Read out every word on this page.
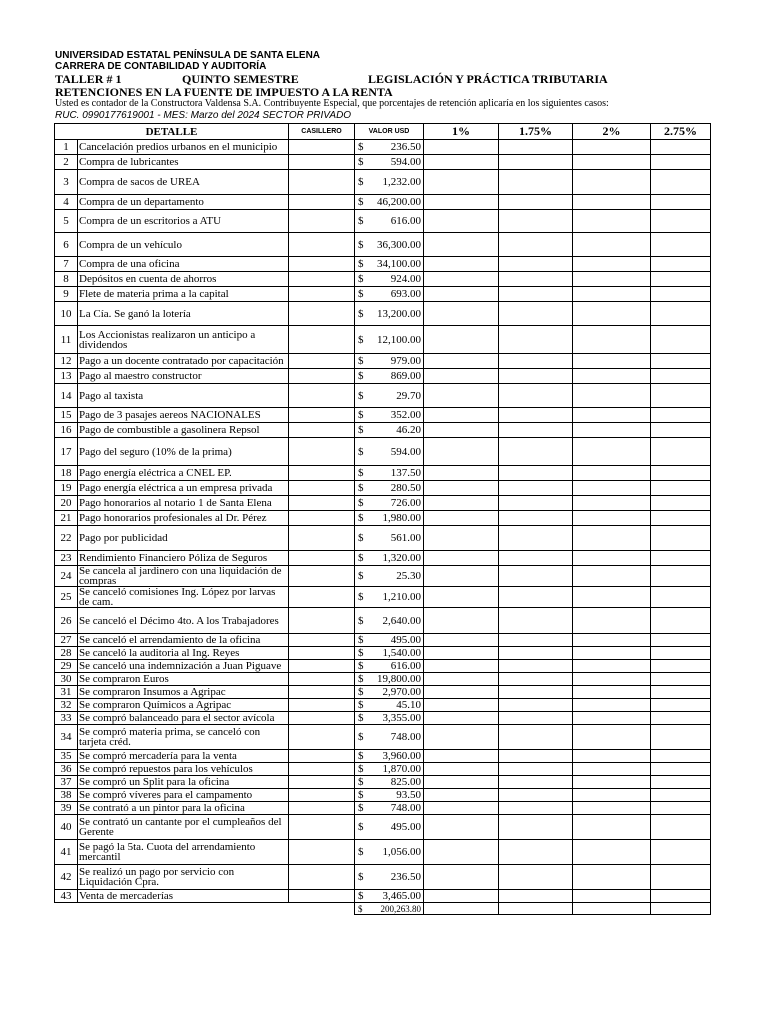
UNIVERSIDAD ESTATAL PENÍNSULA DE SANTA ELENA
CARRERA DE CONTABILIDAD Y AUDITORÍA
TALLER # 1	QUINTO SEMESTRE	LEGISLACIÓN Y PRÁCTICA TRIBUTARIA
RETENCIONES EN LA FUENTE DE IMPUESTO A LA RENTA
Usted es contador de la Constructora Valdensa S.A. Contribuyente Especial, que porcentajes de retención aplicaría en los siguientes casos:
RUC. 0990177619001 - MES: Marzo del 2024 SECTOR PRIVADO
DETALLE		CASILLERO	VALOR USD		1%	1.75%	2%	2.75%
1	Cancelación predios urbanos en el municipio		$	236.50				
2	Compra de lubricantes		$	594.00				
3	Compra de sacos de UREA		$	1,232.00				
4	Compra de un departamento		$	46,200.00				
5	Compra de un escritorios a ATU		$	616.00				
6	Compra de un vehículo		$	36,300.00				
7	Compra de una oficina		$	34,100.00				
8	Depósitos en cuenta de ahorros		$	924.00				
9	Flete de materia prima a la capital		$	693.00				
10	La Cía. Se ganó la lotería		$	13,200.00				
11	Los Accionistas realizaron un anticipo a dividendos		$	12,100.00				
12	Pago a un docente contratado por capacitación		$	979.00				
13	Pago al maestro constructor		$	869.00				
14	Pago al taxista		$	29.70				
15	Pago de 3 pasajes aereos NACIONALES		$	352.00				
16	Pago de combustible a gasolinera Repsol		$	46.20				
17	Pago del seguro (10% de la prima)		$	594.00				
18	Pago energía eléctrica a CNEL EP.		$	137.50				
19	Pago energía eléctrica a un empresa privada		$	280.50				
20	Pago honorarios al notario 1 de Santa Elena		$	726.00				
21	Pago honorarios profesionales al Dr. Pérez		$	1,980.00				
22	Pago por publicidad		$	561.00				
23	Rendimiento Financiero Póliza de Seguros		$	1,320.00				
24	Se cancela al jardinero con una liquidación de compras		$	25.30				
25	Se canceló comisiones Ing. López por larvas de cam.		$	1,210.00				
26	Se canceló el Décimo 4to. A los Trabajadores		$	2,640.00				
27	Se canceló el arrendamiento de la oficina		$	495.00				
28	Se canceló la auditoria al Ing. Reyes		$	1,540.00				
29	Se canceló una indemnización a Juan Piguave		$	616.00				
30	Se compraron Euros		$	19,800.00				
31	Se compraron Insumos a Agripac		$	2,970.00				
32	Se compraron Químicos a Agripac		$	45.10				
33	Se compró balanceado para el sector avícola		$	3,355.00				
34	Se compró materia prima, se canceló con tarjeta créd.		$	748.00				
35	Se compró mercadería para la venta		$	3,960.00				
36	Se compró repuestos para los vehículos		$	1,870.00				
37	Se compró un Split para la oficina		$	825.00				
38	Se compró víveres para el campamento		$	93.50				
39	Se contrató a un pintor para la oficina		$	748.00				
40	Se contrató un cantante por el cumpleaños del Gerente		$	495.00				
41	Se pagó la 5ta. Cuota del arrendamiento mercantil		$	1,056.00				
42	Se realizó un pago por servicio con Liquidación Cpra.		$	236.50				
43	Venta de mercaderías		$	3,465.00				
			$	200,263.80				
